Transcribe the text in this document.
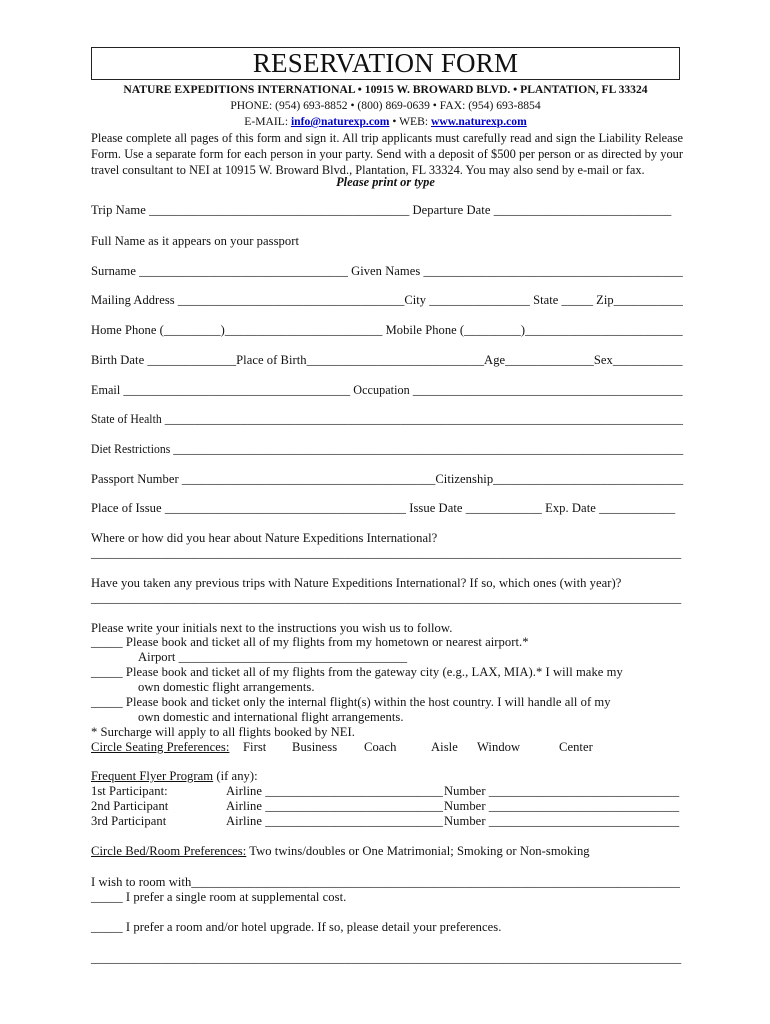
RESERVATION FORM
NATURE EXPEDITIONS INTERNATIONAL • 10915 W. BROWARD BLVD. • PLANTATION, FL 33324
PHONE: (954) 693-8852 • (800) 869-0639 • FAX: (954) 693-8854
E-MAIL: info@naturexp.com • WEB: www.naturexp.com
Please complete all pages of this form and sign it. All trip applicants must carefully read and sign the Liability Release Form. Use a separate form for each person in your party. Send with a deposit of $500 per person or as directed by your travel consultant to NEI at 10915 W. Broward Blvd., Plantation, FL 33324. You may also send by e-mail or fax.
Please print or type
Trip Name _________________________________________ Departure Date ____________________________
Full Name as it appears on your passport
Surname _________________________________ Given Names _________________________________________
Mailing Address ____________________________________City ________________ State _____ Zip___________
Home Phone (_________)_________________________ Mobile Phone (_________)_________________________
Birth Date ______________Place of Birth____________________________Age______________Sex___________
Email _____________________________________ Occupation ____________________________________________
State of Health ________________________________________________________________________________________
Diet Restrictions _______________________________________________________________________________________
Passport Number ________________________________________Citizenship______________________________
Place of Issue ______________________________________ Issue Date ____________ Exp. Date ____________
Where or how did you hear about Nature Expeditions International?
_____________________________________________________________________________________________
Have you taken any previous trips with Nature Expeditions International? If so, which ones (with year)?
_____________________________________________________________________________________________
Please write your initials next to the instructions you wish us to follow.
_____ Please book and ticket all of my flights from my hometown or nearest airport.*
Airport ____________________________________
_____ Please book and ticket all of my flights from the gateway city (e.g., LAX, MIA).* I will make my
own domestic flight arrangements.
_____ Please book and ticket only the internal flight(s) within the host country. I will handle all of my
own domestic and international flight arrangements.
* Surcharge will apply to all flights booked by NEI.
Circle Seating Preferences: First Business Coach	Aisle Window	Center
Frequent Flyer Program (if any):
1st Participant:	Airline ____________________________ Number ______________________________
2nd Participant	Airline ____________________________ Number ______________________________
3rd Participant	Airline ____________________________ Number ______________________________
Circle Bed/Room Preferences: Two twins/doubles or One Matrimonial; Smoking or Non-smoking
I wish to room with_____________________________________________________________________________
_____ I prefer a single room at supplemental cost.
_____ I prefer a room and/or hotel upgrade. If so, please detail your preferences.
_____________________________________________________________________________________________
